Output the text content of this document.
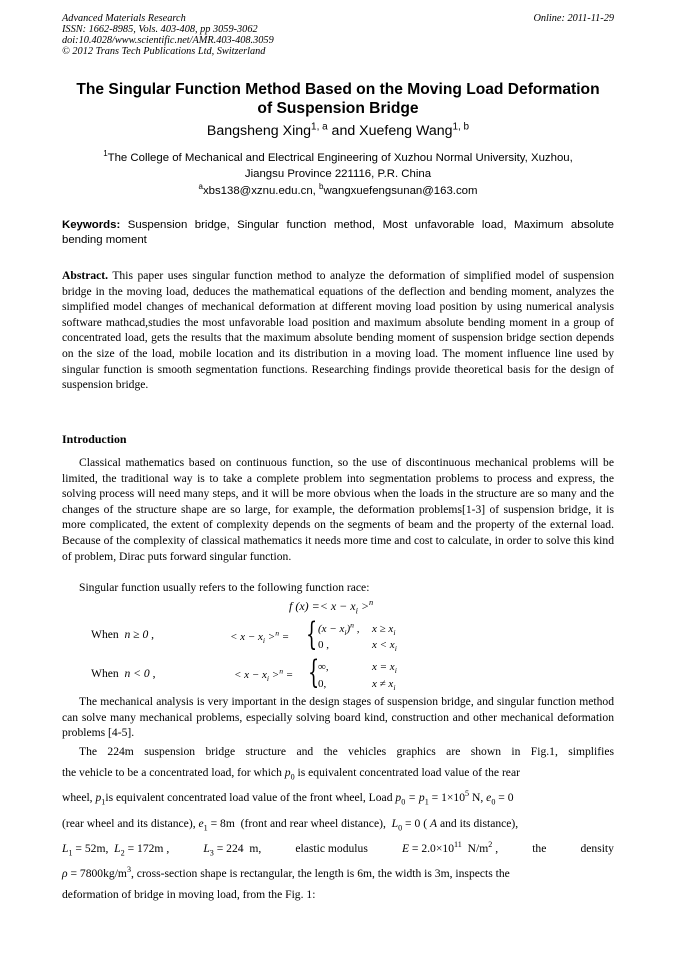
Advanced Materials Research
ISSN: 1662-8985, Vols. 403-408, pp 3059-3062
doi:10.4028/www.scientific.net/AMR.403-408.3059
© 2012 Trans Tech Publications Ltd, Switzerland
Online: 2011-11-29
The Singular Function Method Based on the Moving Load Deformation
of Suspension Bridge
Bangsheng Xing$^{1, a}$ and Xuefeng Wang$^{1, b}$
$^1$The College of Mechanical and Electrical Engineering of Xuzhou Normal University, Xuzhou,
Jiangsu Province 221116, P.R. China
$^a$xbs138@xznu.edu.cn, $^b$wangxuefengsunan@163.com
Keywords: Suspension bridge, Singular function method, Most unfavorable load, Maximum absolute bending moment
Abstract. This paper uses singular function method to analyze the deformation of simplified model of suspension bridge in the moving load, deduces the mathematical equations of the deflection and bending moment, analyzes the simplified model changes of mechanical deformation at different moving load position by using numerical analysis software mathcad,studies the most unfavorable load position and maximum absolute bending moment in a group of concentrated load, gets the results that the maximum absolute bending moment of suspension bridge section depends on the size of the load, mobile location and its distribution in a moving load. The moment influence line used by singular function is smooth segmentation functions. Researching findings provide theoretical basis for the design of suspension bridge.
Introduction
Classical mathematics based on continuous function, so the use of discontinuous mechanical problems will be limited, the traditional way is to take a complete problem into segmentation problems to process and express, the solving process will need many steps, and it will be more obvious when the loads in the structure are so many and the changes of the structure shape are so large, for example, the deformation problems[1-3] of suspension bridge, it is more complicated, the extent of complexity depends on the segments of beam and the property of the external load. Because of the complexity of classical mathematics it needs more time and cost to calculate, in order to solve this kind of problem, Dirac puts forward singular function.
Singular function usually refers to the following function race:
f $(x) =< x - x_i >^n$
When  n ≥ 0 ,	< $x - x_i >^n$ = { $(x - x_i)^n$ , $x \ge x_i$
0 ,	$x < x_i$
When  n < 0 ,	< $x - x_i >^n$ = {
∞,	$x = x_i$
0,	$x \ne x_i$
The mechanical analysis is very important in the design stages of suspension bridge, and singular function method can solve many mechanical problems, especially solving board kind, construction and other mechanical deformation problems [4-5].
The 224m suspension bridge structure and the vehicles graphics are shown in Fig.1, simplifies
the vehicle to be a concentrated load, for which $p_0$ is equivalent concentrated load value of the rear
wheel, $p_1is$ equivalent concentrated load value of the front wheel, Load $p_0 = p_1 = 1\times 10^5$ N, $e_0 = 0$
(rear wheel and its distance), $e_1 = 8m$  (front and rear wheel distance),  $L_0 = 0$ ( A and its distance),
$L_1 = 52m$,  $L_2 = 172m$ ,	$L_3 = 224$  m,	elastic modulus	$E = 2.0\times 10^{11}$  $N/m^2$ ,	the	density
$\rho = 7800kg/m^3$, cross-section shape is rectangular, the length is 6m, the width is 3m, inspects the
deformation of bridge in moving load, from the Fig. 1:
